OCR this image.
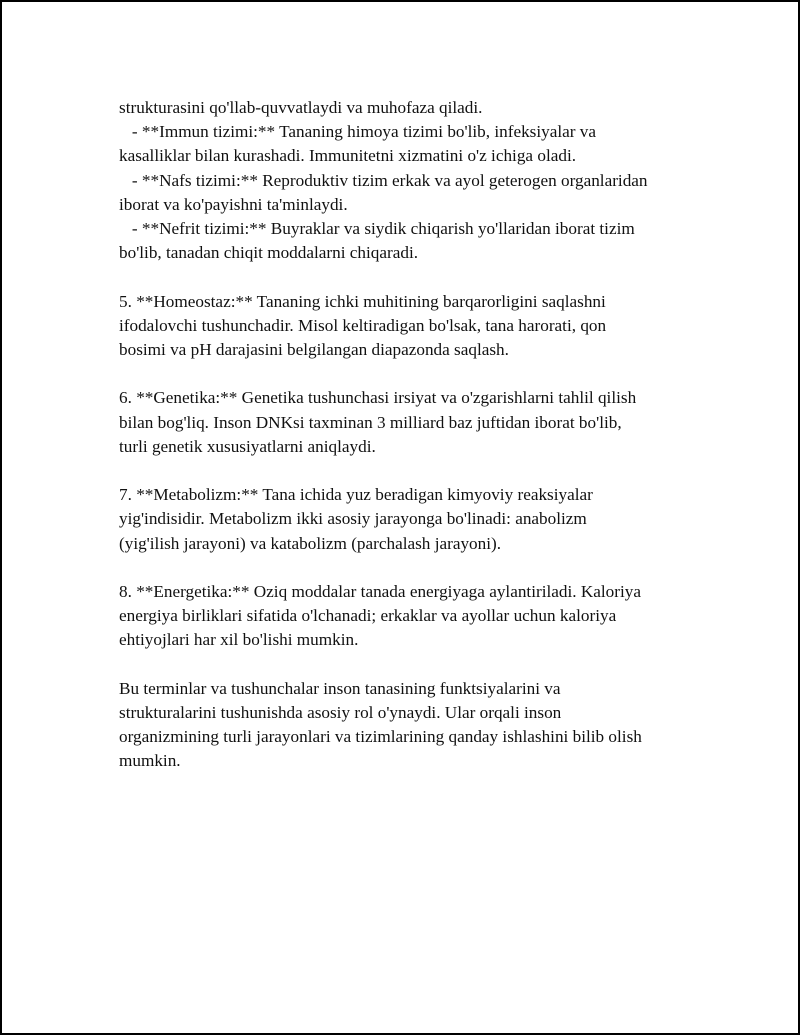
strukturasini qo'llab-quvvatlaydi va muhofaza qiladi.
- **Immun tizimi:** Tananing himoya tizimi bo'lib, infeksiyalar va
kasalliklar bilan kurashadi. Immunitetni xizmatini o'z ichiga oladi.
- **Nafs tizimi:** Reproduktiv tizim erkak va ayol geterogen organlaridan
iborat va ko'payishni ta'minlaydi.
- **Nefrit tizimi:** Buyraklar va siydik chiqarish yo'llaridan iborat tizim
bo'lib, tanadan chiqit moddalarni chiqaradi.
5. **Homeostaz:** Tananing ichki muhitining barqarorligini saqlashni
ifodalovchi tushunchadir. Misol keltiradigan bo'lsak, tana harorati, qon
bosimi va pH darajasini belgilangan diapazonda saqlash.
6. **Genetika:** Genetika tushunchasi irsiyat va o'zgarishlarni tahlil qilish
bilan bog'liq. Inson DNKsi taxminan 3 milliard baz juftidan iborat bo'lib,
turli genetik xususiyatlarni aniqlaydi.
7. **Metabolizm:** Tana ichida yuz beradigan kimyoviy reaksiyalar
yig'indisidir. Metabolizm ikki asosiy jarayonga bo'linadi: anabolizm
(yig'ilish jarayoni) va katabolizm (parchalash jarayoni).
8. **Energetika:** Oziq moddalar tanada energiyaga aylantiriladi. Kaloriya
energiya birliklari sifatida o'lchanadi; erkaklar va ayollar uchun kaloriya
ehtiyojlari har xil bo'lishi mumkin.
Bu terminlar va tushunchalar inson tanasining funktsiyalarini va
strukturalarini tushunishda asosiy rol o'ynaydi. Ular orqali inson
organizmining turli jarayonlari va tizimlarining qanday ishlashini bilib olish
mumkin.
